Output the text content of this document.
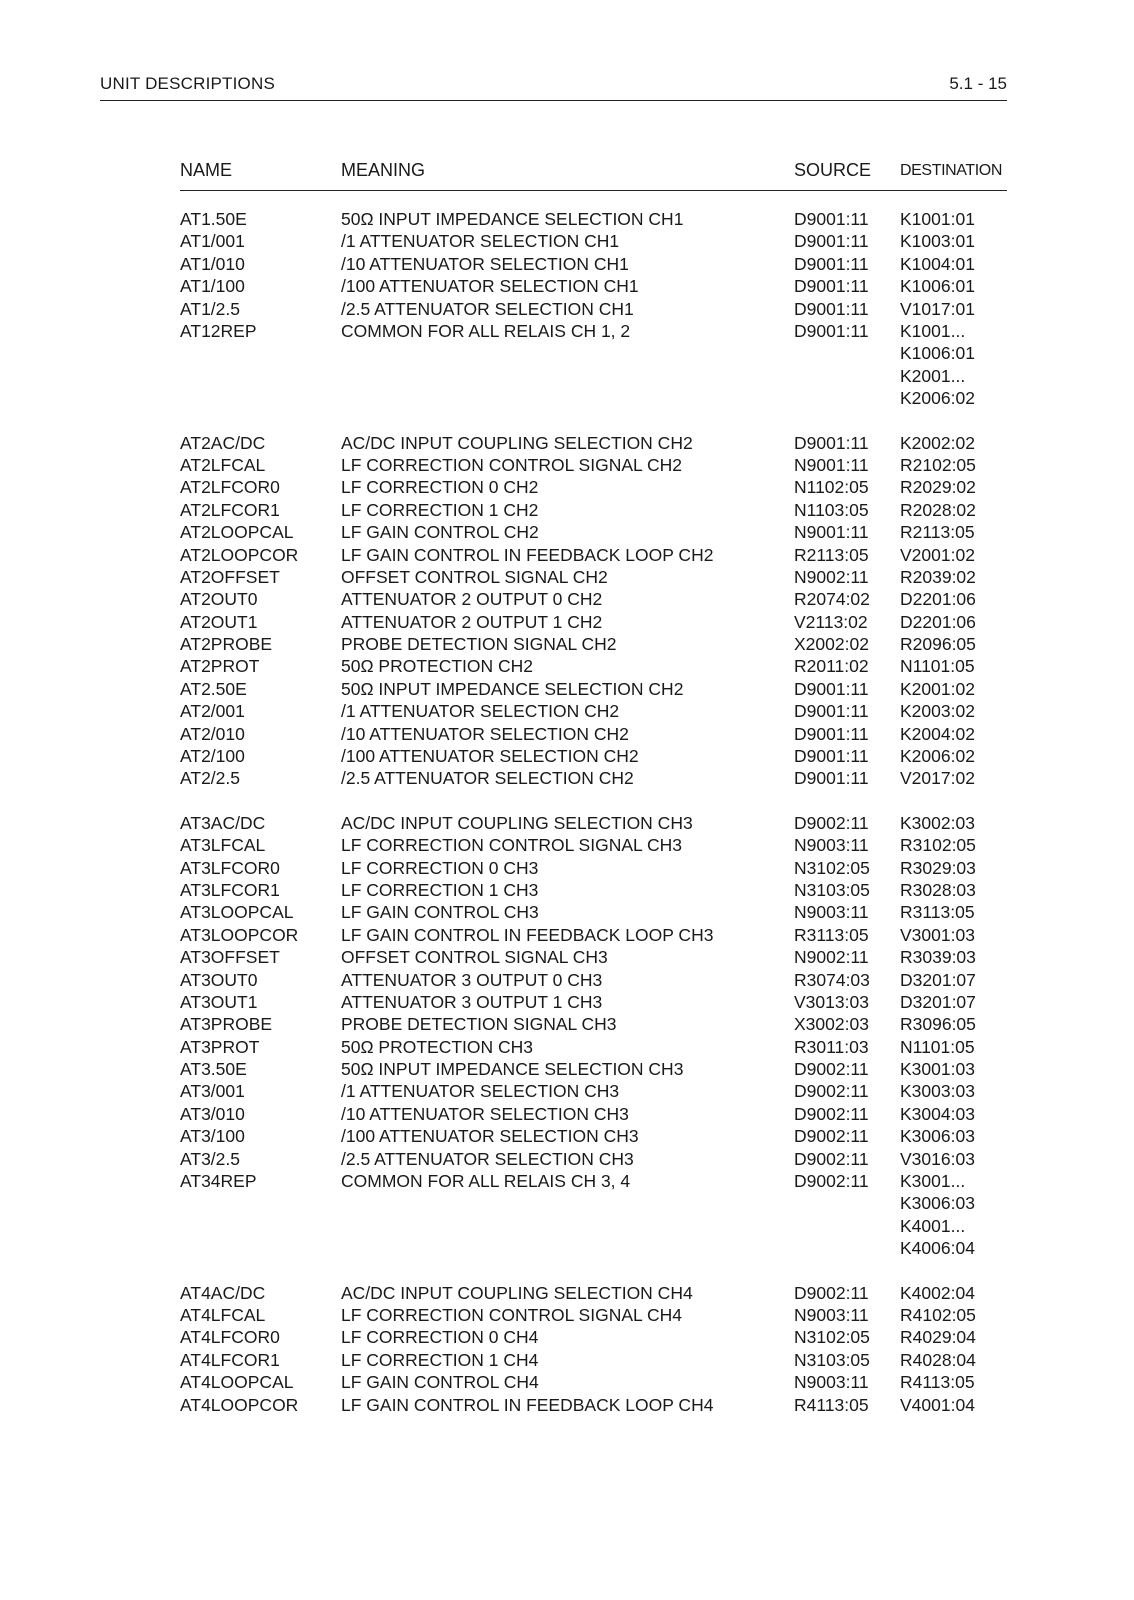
UNIT DESCRIPTIONS	5.1 - 15
NAME	MEANING	SOURCE	DESTINATION
AT1.50E	50Ω INPUT IMPEDANCE SELECTION CH1	D9001:11	K1001:01
AT1/001	/1 ATTENUATOR SELECTION CH1	D9001:11	K1003:01
AT1/010	/10 ATTENUATOR SELECTION CH1	D9001:11	K1004:01
AT1/100	/100 ATTENUATOR SELECTION CH1	D9001:11	K1006:01
AT1/2.5	/2.5 ATTENUATOR SELECTION CH1	D9001:11	V1017:01
AT12REP	COMMON FOR ALL RELAIS CH 1, 2	D9001:11	K1001...
K1006:01
K2001...
K2006:02
AT2AC/DC	AC/DC INPUT COUPLING SELECTION CH2	D9001:11	K2002:02
AT2LFCAL	LF CORRECTION CONTROL SIGNAL CH2	N9001:11	R2102:05
AT2LFCOR0	LF CORRECTION 0 CH2	N1102:05	R2029:02
AT2LFCOR1	LF CORRECTION 1 CH2	N1103:05	R2028:02
AT2LOOPCAL	LF GAIN CONTROL CH2	N9001:11	R2113:05
AT2LOOPCOR	LF GAIN CONTROL IN FEEDBACK LOOP CH2	R2113:05	V2001:02
AT2OFFSET	OFFSET CONTROL SIGNAL CH2	N9002:11	R2039:02
AT2OUT0	ATTENUATOR 2 OUTPUT 0 CH2	R2074:02	D2201:06
AT2OUT1	ATTENUATOR 2 OUTPUT 1 CH2	V2113:02	D2201:06
AT2PROBE	PROBE DETECTION SIGNAL CH2	X2002:02	R2096:05
AT2PROT	50Ω PROTECTION CH2	R2011:02	N1101:05
AT2.50E	50Ω INPUT IMPEDANCE SELECTION CH2	D9001:11	K2001:02
AT2/001	/1 ATTENUATOR SELECTION CH2	D9001:11	K2003:02
AT2/010	/10 ATTENUATOR SELECTION CH2	D9001:11	K2004:02
AT2/100	/100 ATTENUATOR SELECTION CH2	D9001:11	K2006:02
AT2/2.5	/2.5 ATTENUATOR SELECTION CH2	D9001:11	V2017:02
AT3AC/DC	AC/DC INPUT COUPLING SELECTION CH3	D9002:11	K3002:03
AT3LFCAL	LF CORRECTION CONTROL SIGNAL CH3	N9003:11	R3102:05
AT3LFCOR0	LF CORRECTION 0 CH3	N3102:05	R3029:03
AT3LFCOR1	LF CORRECTION 1 CH3	N3103:05	R3028:03
AT3LOOPCAL	LF GAIN CONTROL CH3	N9003:11	R3113:05
AT3LOOPCOR	LF GAIN CONTROL IN FEEDBACK LOOP CH3	R3113:05	V3001:03
AT3OFFSET	OFFSET CONTROL SIGNAL CH3	N9002:11	R3039:03
AT3OUT0	ATTENUATOR 3 OUTPUT 0 CH3	R3074:03	D3201:07
AT3OUT1	ATTENUATOR 3 OUTPUT 1 CH3	V3013:03	D3201:07
AT3PROBE	PROBE DETECTION SIGNAL CH3	X3002:03	R3096:05
AT3PROT	50Ω PROTECTION CH3	R3011:03	N1101:05
AT3.50E	50Ω INPUT IMPEDANCE SELECTION CH3	D9002:11	K3001:03
AT3/001	/1 ATTENUATOR SELECTION CH3	D9002:11	K3003:03
AT3/010	/10 ATTENUATOR SELECTION CH3	D9002:11	K3004:03
AT3/100	/100 ATTENUATOR SELECTION CH3	D9002:11	K3006:03
AT3/2.5	/2.5 ATTENUATOR SELECTION CH3	D9002:11	V3016:03
AT34REP	COMMON FOR ALL RELAIS CH 3, 4	D9002:11	K3001...
K3006:03
K4001...
K4006:04
AT4AC/DC	AC/DC INPUT COUPLING SELECTION CH4	D9002:11	K4002:04
AT4LFCAL	LF CORRECTION CONTROL SIGNAL CH4	N9003:11	R4102:05
AT4LFCOR0	LF CORRECTION 0 CH4	N3102:05	R4029:04
AT4LFCOR1	LF CORRECTION 1 CH4	N3103:05	R4028:04
AT4LOOPCAL	LF GAIN CONTROL CH4	N9003:11	R4113:05
AT4LOOPCOR	LF GAIN CONTROL IN FEEDBACK LOOP CH4	R4113:05	V4001:04
